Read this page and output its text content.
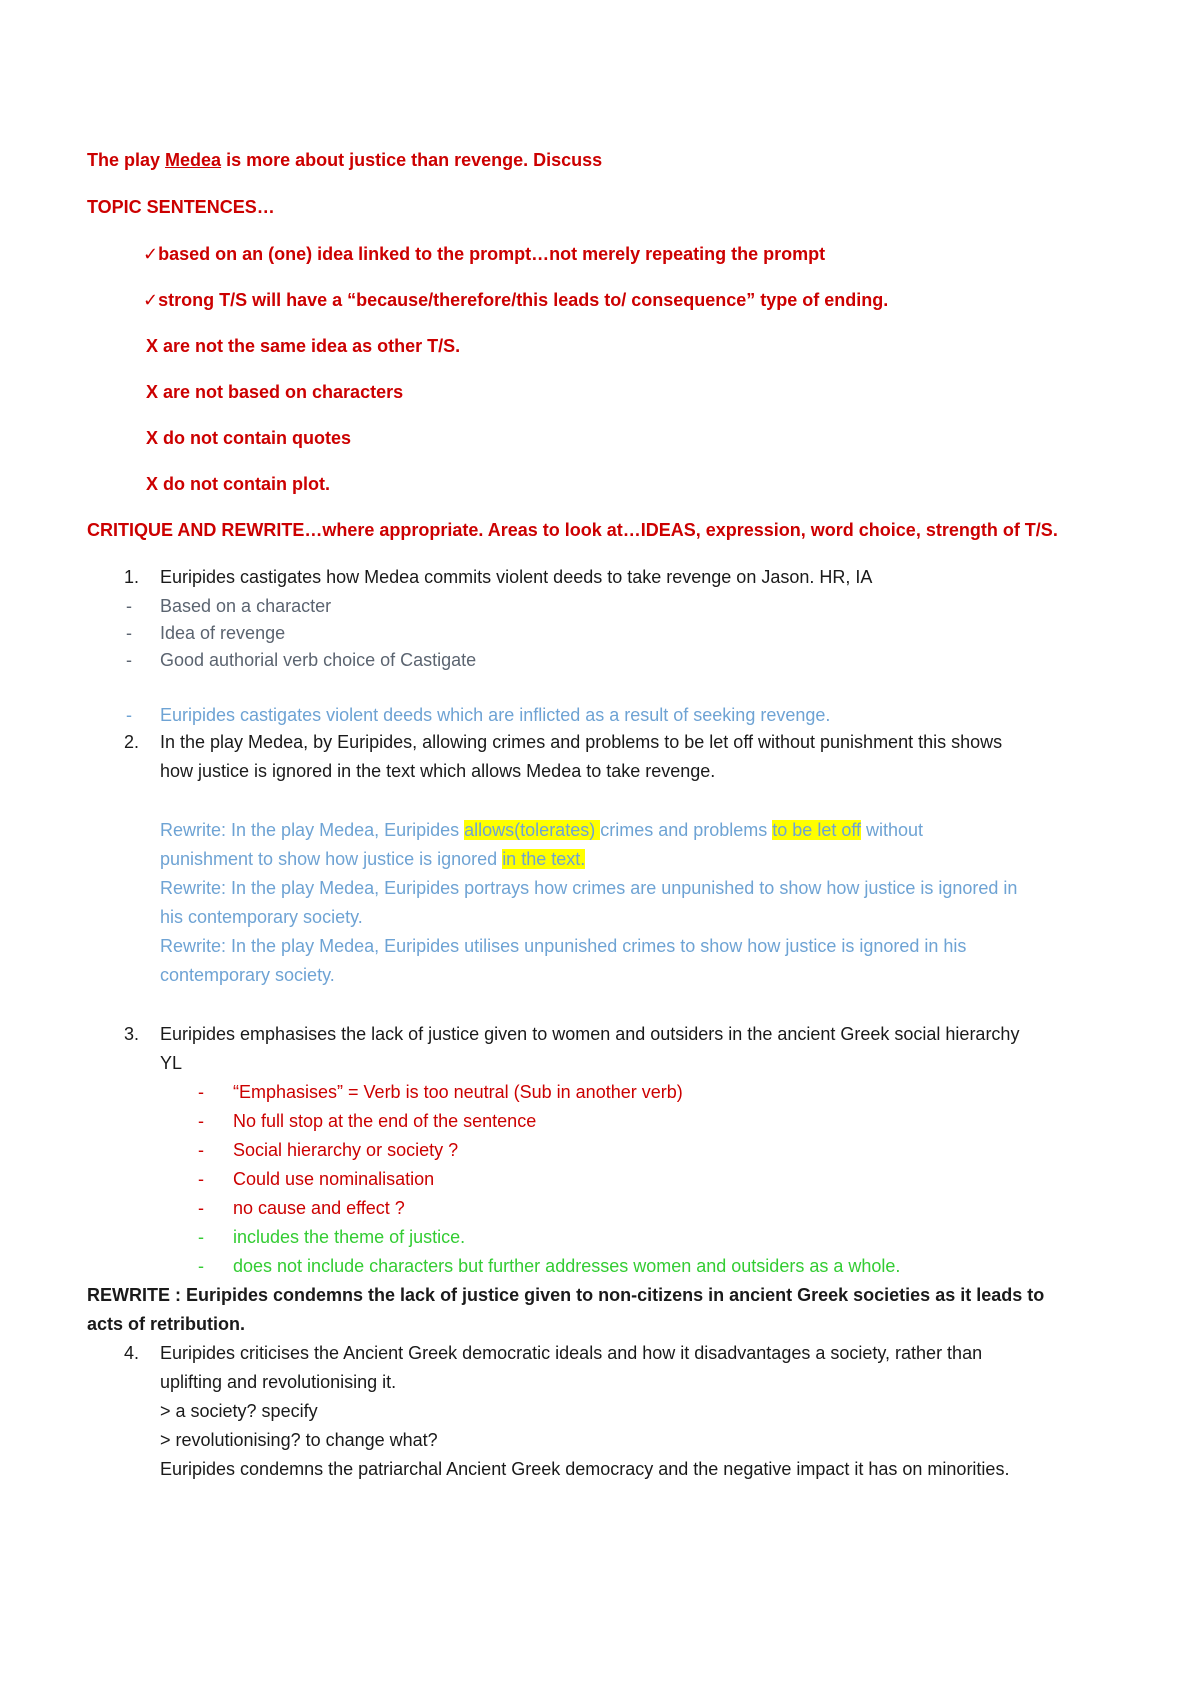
The play Medea is more about justice than revenge. Discuss
TOPIC SENTENCES…
✓based on an (one) idea linked to the prompt…not merely repeating the prompt
✓strong T/S will have a “because/therefore/this leads to/ consequence” type of ending.
X are not the same idea as other T/S.
X are not based on characters
X do not contain quotes
X do not contain plot.
CRITIQUE AND REWRITE…where appropriate. Areas to look at…IDEAS, expression, word choice, strength of T/S.
1. Euripides castigates how Medea commits violent deeds to take revenge on Jason. HR, IA
- Based on a character
- Idea of revenge
- Good authorial verb choice of Castigate
- Euripides castigates violent deeds which are inflicted as a result of seeking revenge.
2. In the play Medea, by Euripides, allowing crimes and problems to be let off without punishment this shows
how justice is ignored in the text which allows Medea to take revenge.
Rewrite: In the play Medea, Euripides allows(tolerates) crimes and problems to be let off without
punishment to show how justice is ignored in the text.
Rewrite: In the play Medea, Euripides portrays how crimes are unpunished to show how justice is ignored in
his contemporary society.
Rewrite: In the play Medea, Euripides utilises unpunished crimes to show how justice is ignored in his
contemporary society.
3. Euripides emphasises the lack of justice given to women and outsiders in the ancient Greek social hierarchy
YL
- “Emphasises” = Verb is too neutral (Sub in another verb)
- No full stop at the end of the sentence
- Social hierarchy or society ?
- Could use nominalisation
- no cause and effect ?
- includes the theme of justice.
- does not include characters but further addresses women and outsiders as a whole.
REWRITE : Euripides condemns the lack of justice given to non-citizens in ancient Greek societies as it leads to
acts of retribution.
4. Euripides criticises the Ancient Greek democratic ideals and how it disadvantages a society, rather than
uplifting and revolutionising it.
> a society? specify
> revolutionising? to change what?
Euripides condemns the patriarchal Ancient Greek democracy and the negative impact it has on minorities.
